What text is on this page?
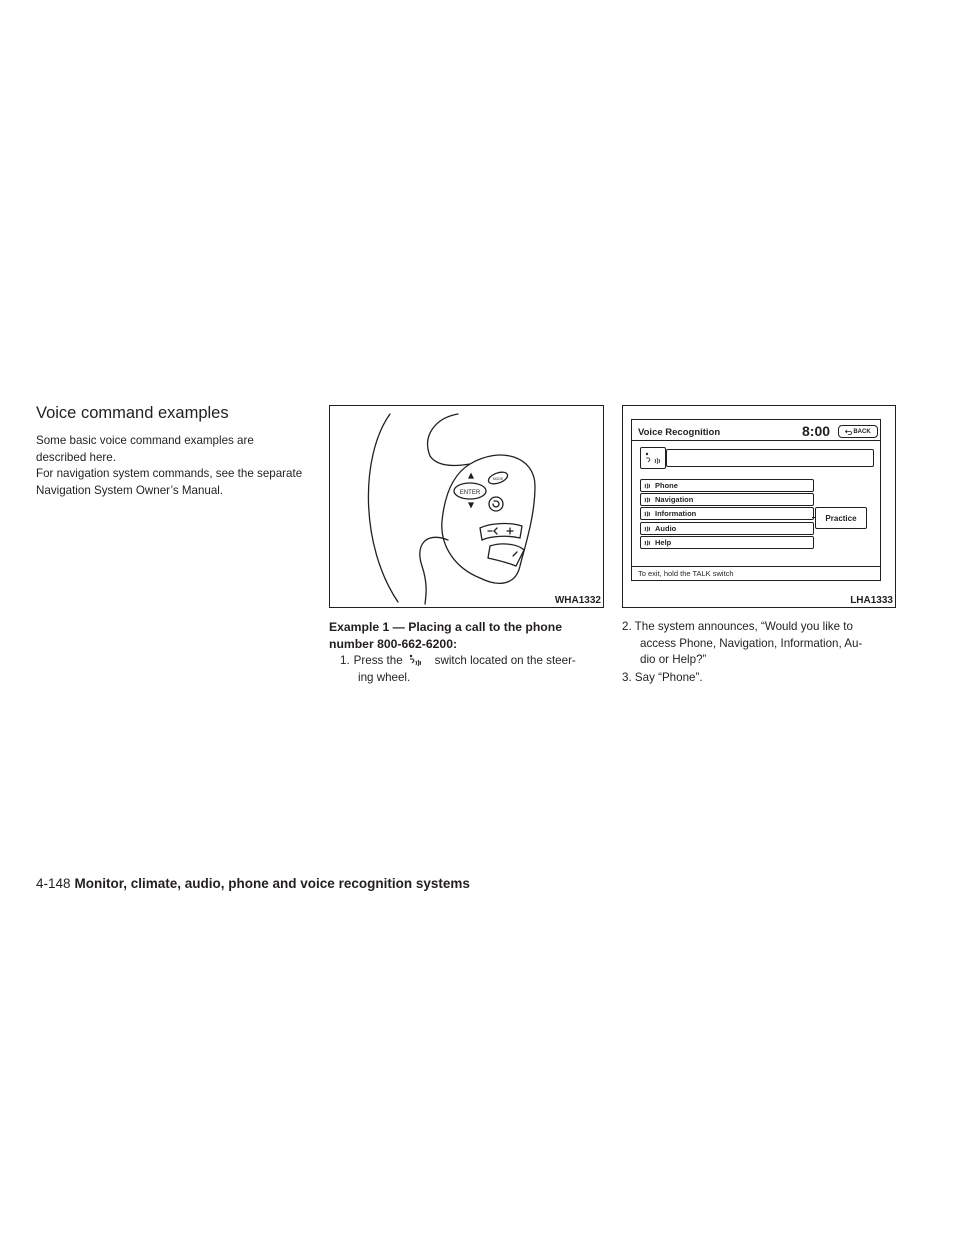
Voice command examples

Some basic voice command examples are described here.

For navigation system commands, see the separate Navigation System Owner’s Manual.	ENTER
MODE
WHA1332
Voice Recognition	8:00	BACK
Phone
Navigation
Information
Audio
Help
Practice
To exit, hold the TALK switch
LHA1333

Example 1 — Placing a call to the phone number 800-662-6200:

1. Press the	switch located on the steer-
ing wheel.
2. The system announces, “Would you like to
access Phone, Navigation, Information, Au-
dio or Help?”
3. Say “Phone”.
4-148 Monitor, climate, audio, phone and voice recognition systems
